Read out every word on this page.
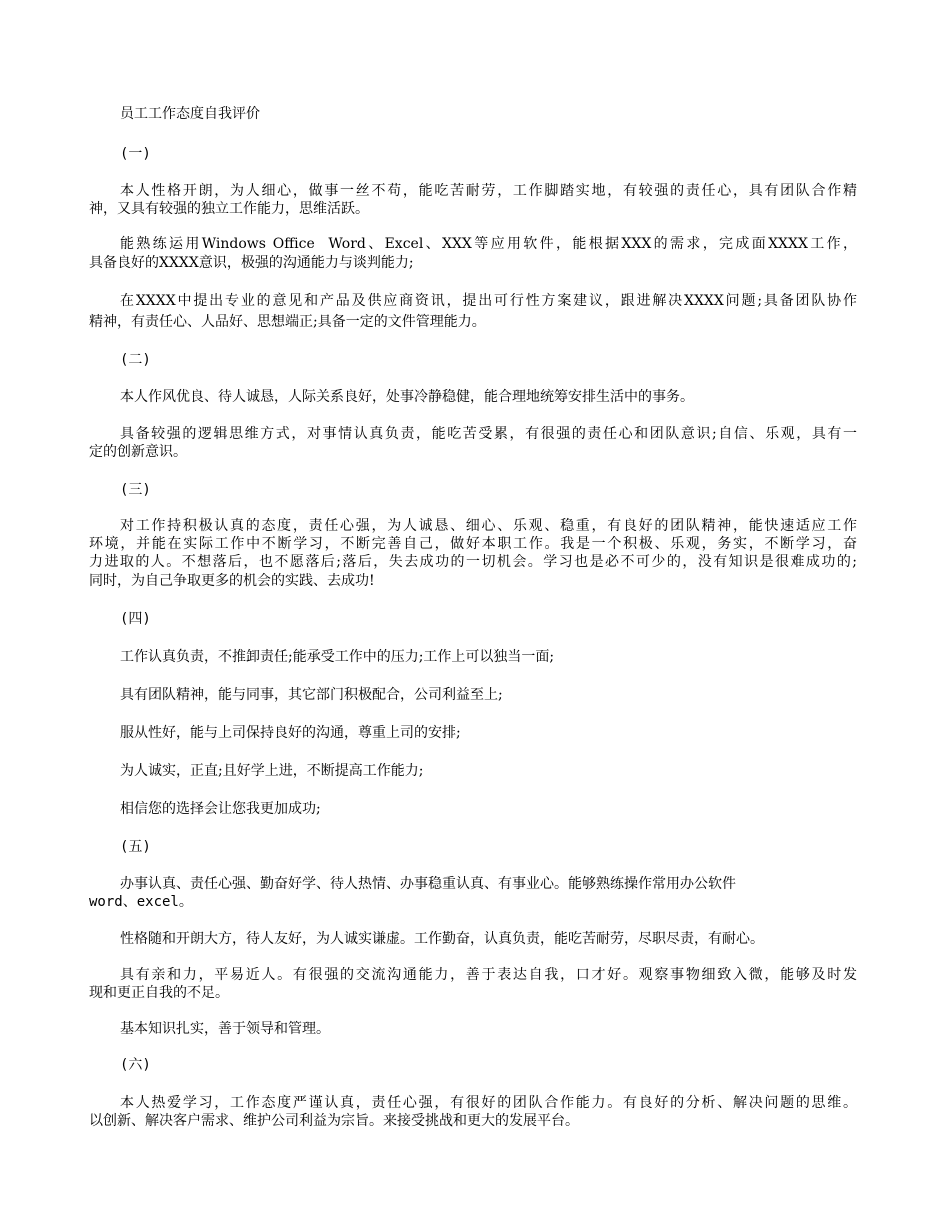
员工工作态度自我评价
(一)
本人性格开朗，为人细心，做事一丝不苟，能吃苦耐劳，工作脚踏实地，有较强的责任心，具有团队合作精
神，又具有较强的独立工作能力，思维活跃。
能熟练运用Windows Office  Word、Excel、XXX等应用软件，能根据XXX的需求，完成面XXXX工作，
具备良好的XXXX意识，极强的沟通能力与谈判能力;
在XXXX中提出专业的意见和产品及供应商资讯，提出可行性方案建议，跟进解决XXXX问题;具备团队协作
精神，有责任心、人品好、思想端正;具备一定的文件管理能力。
(二)
本人作风优良、待人诚恳，人际关系良好，处事冷静稳健，能合理地统筹安排生活中的事务。
具备较强的逻辑思维方式，对事情认真负责，能吃苦受累，有很强的责任心和团队意识;自信、乐观，具有一
定的创新意识。
(三)
对工作持积极认真的态度，责任心强，为人诚恳、细心、乐观、稳重，有良好的团队精神，能快速适应工作
环境，并能在实际工作中不断学习，不断完善自己，做好本职工作。我是一个积极、乐观，务实，不断学习，奋
力进取的人。不想落后，也不愿落后;落后，失去成功的一切机会。学习也是必不可少的，没有知识是很难成功的;
同时，为自己争取更多的机会的实践、去成功!
(四)
工作认真负责，不推卸责任;能承受工作中的压力;工作上可以独当一面;
具有团队精神，能与同事，其它部门积极配合，公司利益至上;
服从性好，能与上司保持良好的沟通，尊重上司的安排;
为人诚实，正直;且好学上进，不断提高工作能力;
相信您的选择会让您我更加成功;
(五)
办事认真、责任心强、勤奋好学、待人热情、办事稳重认真、有事业心。能够熟练操作常用办公软件
word、excel。
性格随和开朗大方，待人友好，为人诚实谦虚。工作勤奋，认真负责，能吃苦耐劳，尽职尽责，有耐心。
具有亲和力，平易近人。有很强的交流沟通能力，善于表达自我，口才好。观察事物细致入微，能够及时发
现和更正自我的不足。
基本知识扎实，善于领导和管理。
(六)
本人热爱学习，工作态度严谨认真，责任心强，有很好的团队合作能力。有良好的分析、解决问题的思维。
以创新、解决客户需求、维护公司利益为宗旨。来接受挑战和更大的发展平台。
